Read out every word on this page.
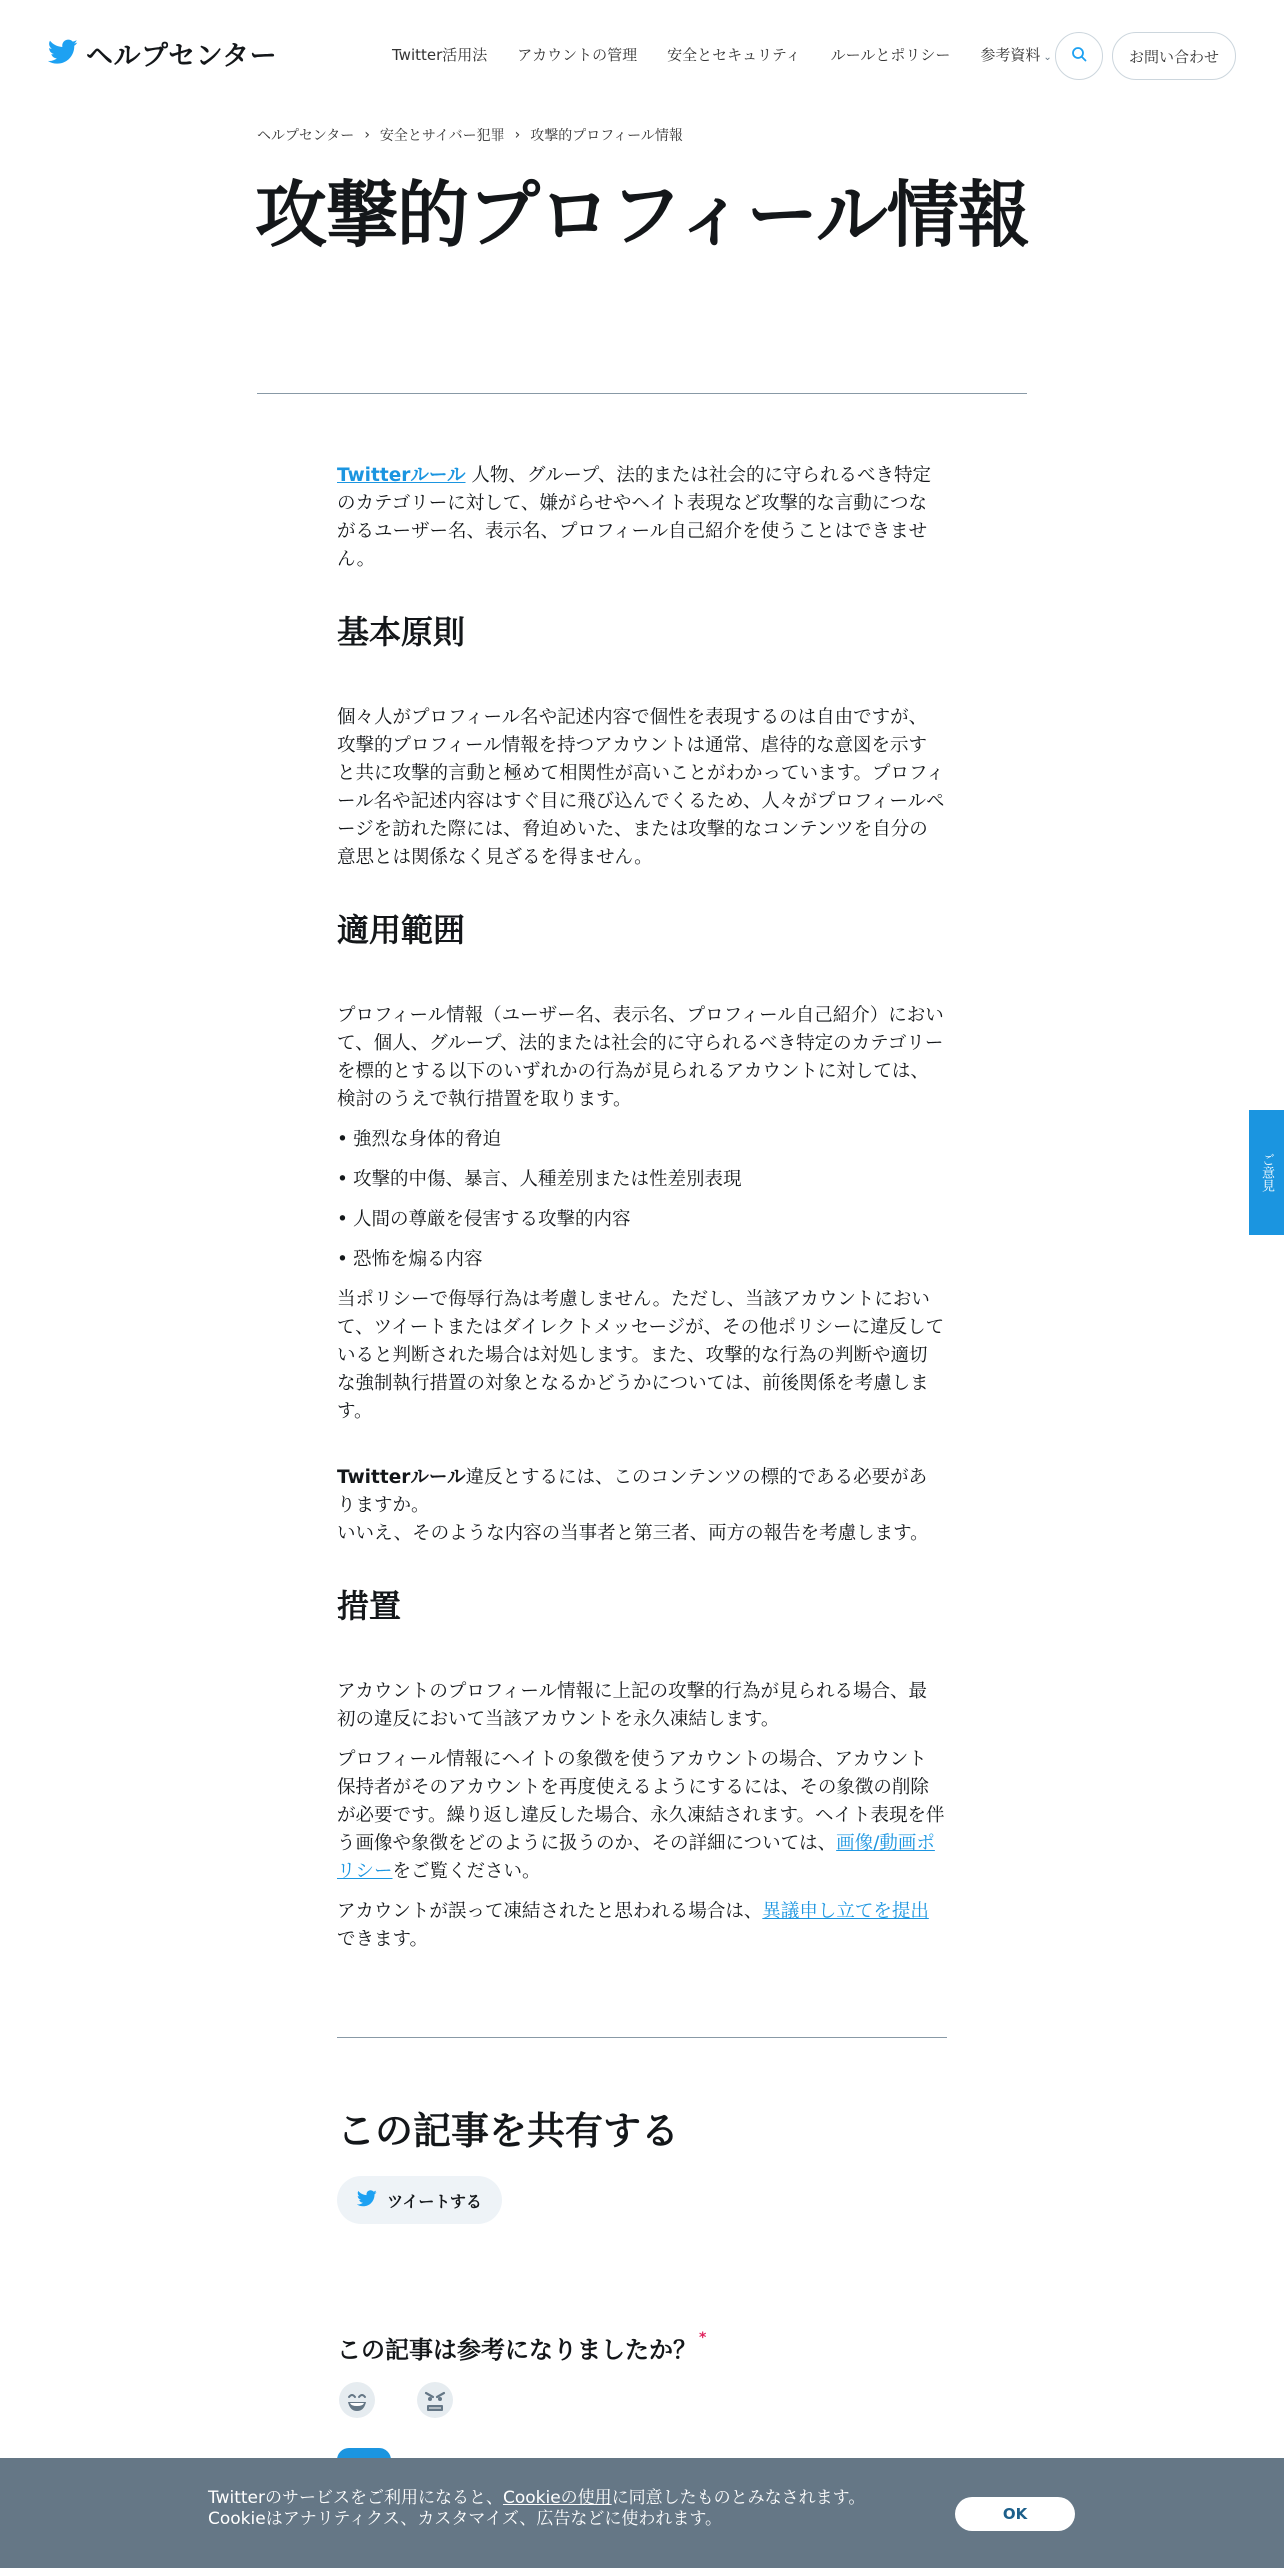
ヘルプセンター	Twitter活用法 アカウントの管理 安全とセキュリティ ルールとポリシー 参考資料 ⌄	お問い合わせ
ヘルプセンター › 安全とサイバー犯罪 › 攻撃的プロフィール情報
攻撃的プロフィール情報

Twitterルール 人物、グループ、法的または社会的に守られるべき特定のカテゴリーに対して、嫌がらせやヘイト表現など攻撃的な言動につながるユーザー名、表示名、プロフィール自己紹介を使うことはできません。

基本原則

個々人がプロフィール名や記述内容で個性を表現するのは自由ですが、攻撃的プロフィール情報を持つアカウントは通常、虐待的な意図を示すと共に攻撃的言動と極めて相関性が高いことがわかっています。プロフィール名や記述内容はすぐ目に飛び込んでくるため、人々がプロフィールページを訪れた際には、脅迫めいた、または攻撃的なコンテンツを自分の意思とは関係なく見ざるを得ません。

適用範囲

プロフィール情報（ユーザー名、表示名、プロフィール自己紹介）において、個人、グループ、法的または社会的に守られるべき特定のカテゴリーを標的とする以下のいずれかの行為が見られるアカウントに対しては、検討のうえで執行措置を取ります。

• 強烈な身体的脅迫
• 攻撃的中傷、暴言、人種差別または性差別表現
• 人間の尊厳を侵害する攻撃的内容
• 恐怖を煽る内容

当ポリシーで侮辱行為は考慮しません。ただし、当該アカウントにおいて、ツイートまたはダイレクトメッセージが、その他ポリシーに違反していると判断された場合は対処します。また、攻撃的な行為の判断や適切な強制執行措置の対象となるかどうかについては、前後関係を考慮します。

Twitterルール違反とするには、このコンテンツの標的である必要がありますか。

いいえ、そのような内容の当事者と第三者、両方の報告を考慮します。

措置

アカウントのプロフィール情報に上記の攻撃的行為が見られる場合、最初の違反において当該アカウントを永久凍結します。

プロフィール情報にヘイトの象徴を使うアカウントの場合、アカウント保持者がそのアカウントを再度使えるようにするには、その象徴の削除が必要です。繰り返し違反した場合、永久凍結されます。ヘイト表現を伴う画像や象徴をどのように扱うのか、その詳細については、画像/動画ポリシーをご覧ください。

アカウントが誤って凍結されたと思われる場合は、異議申し立てを提出できます。

この記事を共有する
ツイートする
この記事は参考になりましたか？ *
ご意見
Twitterのサービスをご利用になると、Cookieの使用に同意したものとみなされます。
Cookieはアナリティクス、カスタマイズ、広告などに使われます。	OK
